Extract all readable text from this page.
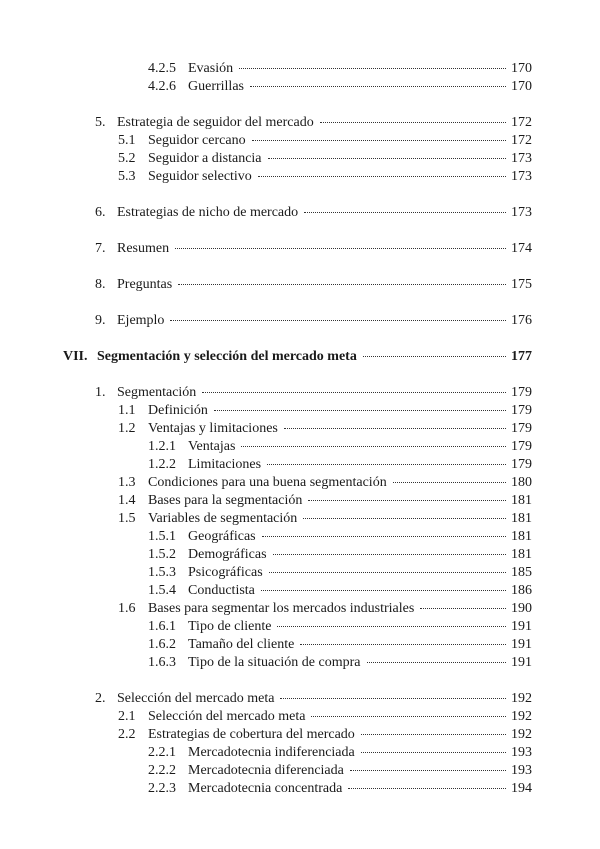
4.2.5 Evasión	170
4.2.6 Guerrillas	170
5. Estrategia de seguidor del mercado	172
5.1 Seguidor cercano	172
5.2 Seguidor a distancia	173
5.3 Seguidor selectivo	173
6. Estrategias de nicho de mercado	173
7. Resumen	174
8. Preguntas	175
9. Ejemplo	176
VII. Segmentación y selección del mercado meta	177
1. Segmentación	179
1.1 Definición	179
1.2 Ventajas y limitaciones	179
1.2.1 Ventajas	179
1.2.2 Limitaciones	179
1.3 Condiciones para una buena segmentación	180
1.4 Bases para la segmentación	181
1.5 Variables de segmentación	181
1.5.1 Geográficas	181
1.5.2 Demográficas	181
1.5.3 Psicográficas	185
1.5.4 Conductista	186
1.6 Bases para segmentar los mercados industriales	190
1.6.1 Tipo de cliente	191
1.6.2 Tamaño del cliente	191
1.6.3 Tipo de la situación de compra	191
2. Selección del mercado meta	192
2.1 Selección del mercado meta	192
2.2 Estrategias de cobertura del mercado	192
2.2.1 Mercadotecnia indiferenciada	193
2.2.2 Mercadotecnia diferenciada	193
2.2.3 Mercadotecnia concentrada	194
